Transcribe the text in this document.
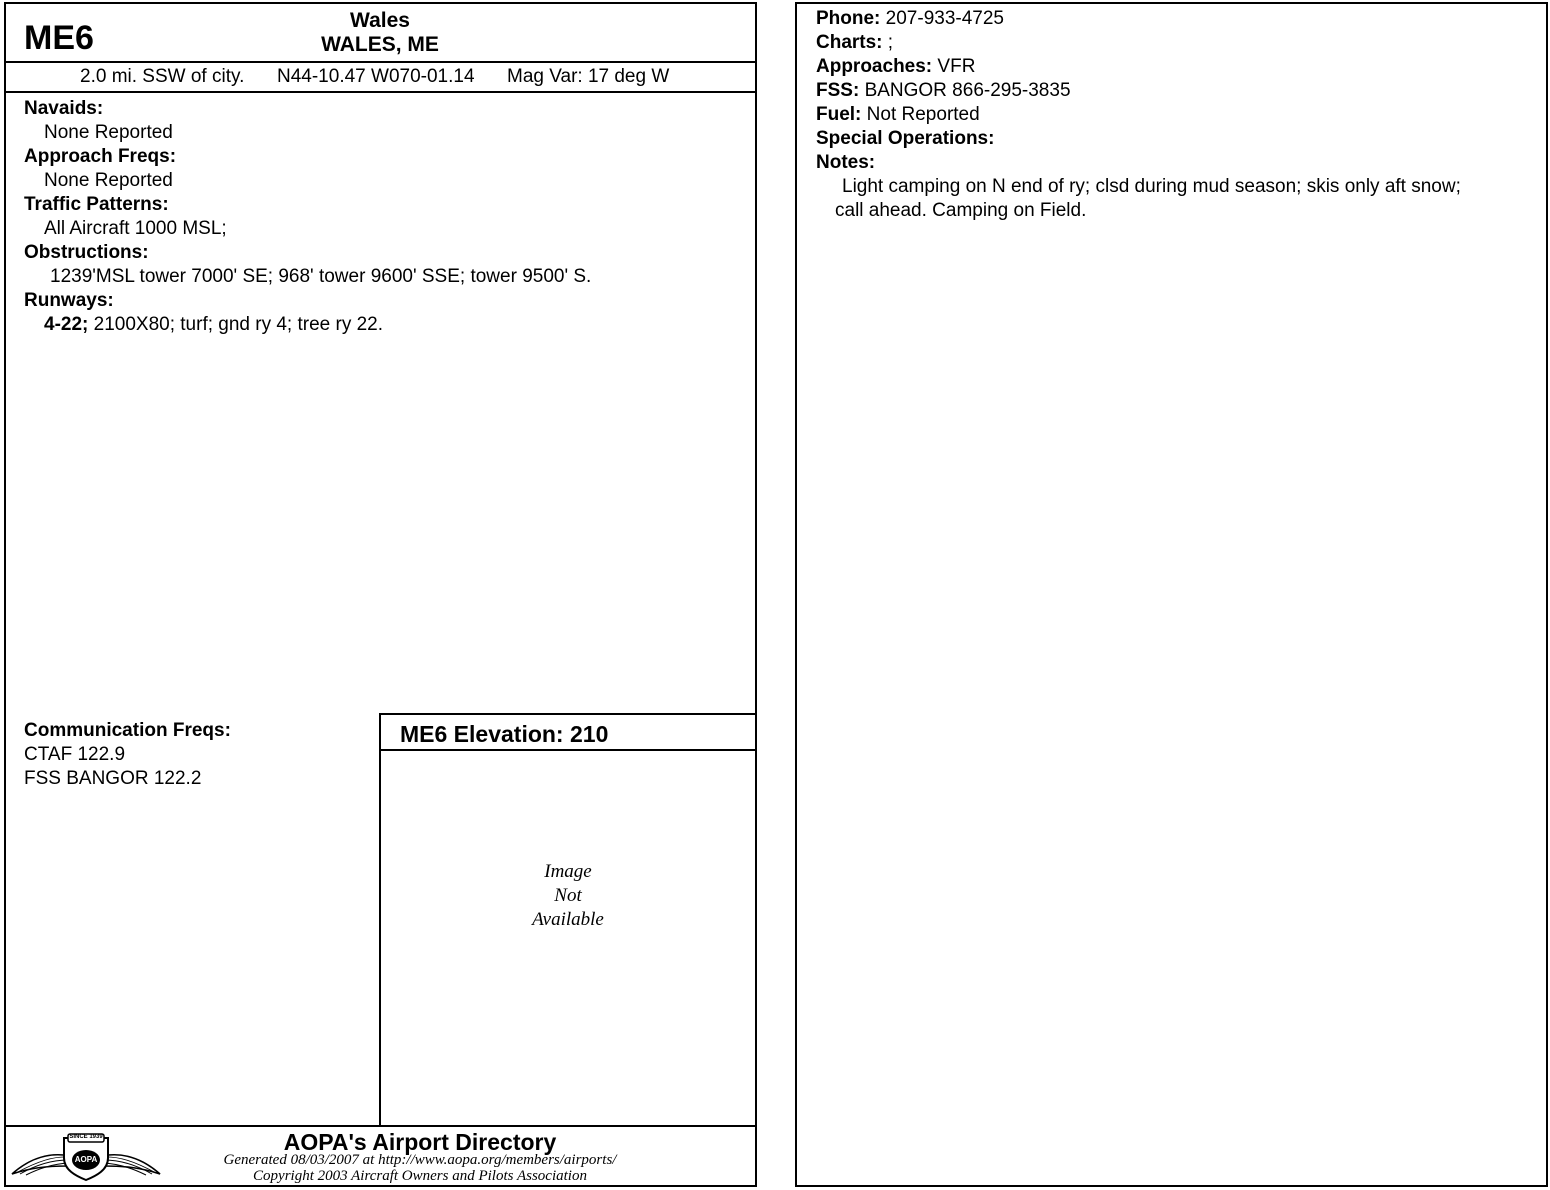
ME6	Wales
WALES, ME
2.0 mi. SSW of city. N44-10.47 W070-01.14 Mag Var: 17 deg W
Navaids:
None Reported
Approach Freqs:
None Reported
Traffic Patterns:
All Aircraft 1000 MSL;
Obstructions:
1239'MSL tower 7000' SE; 968' tower 9600' SSE; tower 9500' S.
Runways:
4-22; 2100X80; turf; gnd ry 4; tree ry 22.
Communication Freqs:
CTAF 122.9
FSS BANGOR 122.2
ME6 Elevation: 210
Image
Not
Available
SINCE 1939
AOPA
AOPA's Airport Directory
Generated 08/03/2007 at http://www.aopa.org/members/airports/
Copyright 2003 Aircraft Owners and Pilots Association
Phone: 207-933-4725
Charts: ;
Approaches: VFR
FSS: BANGOR 866-295-3835
Fuel: Not Reported
Special Operations:
Notes:
Light camping on N end of ry; clsd during mud season; skis only aft snow;
call ahead. Camping on Field.
